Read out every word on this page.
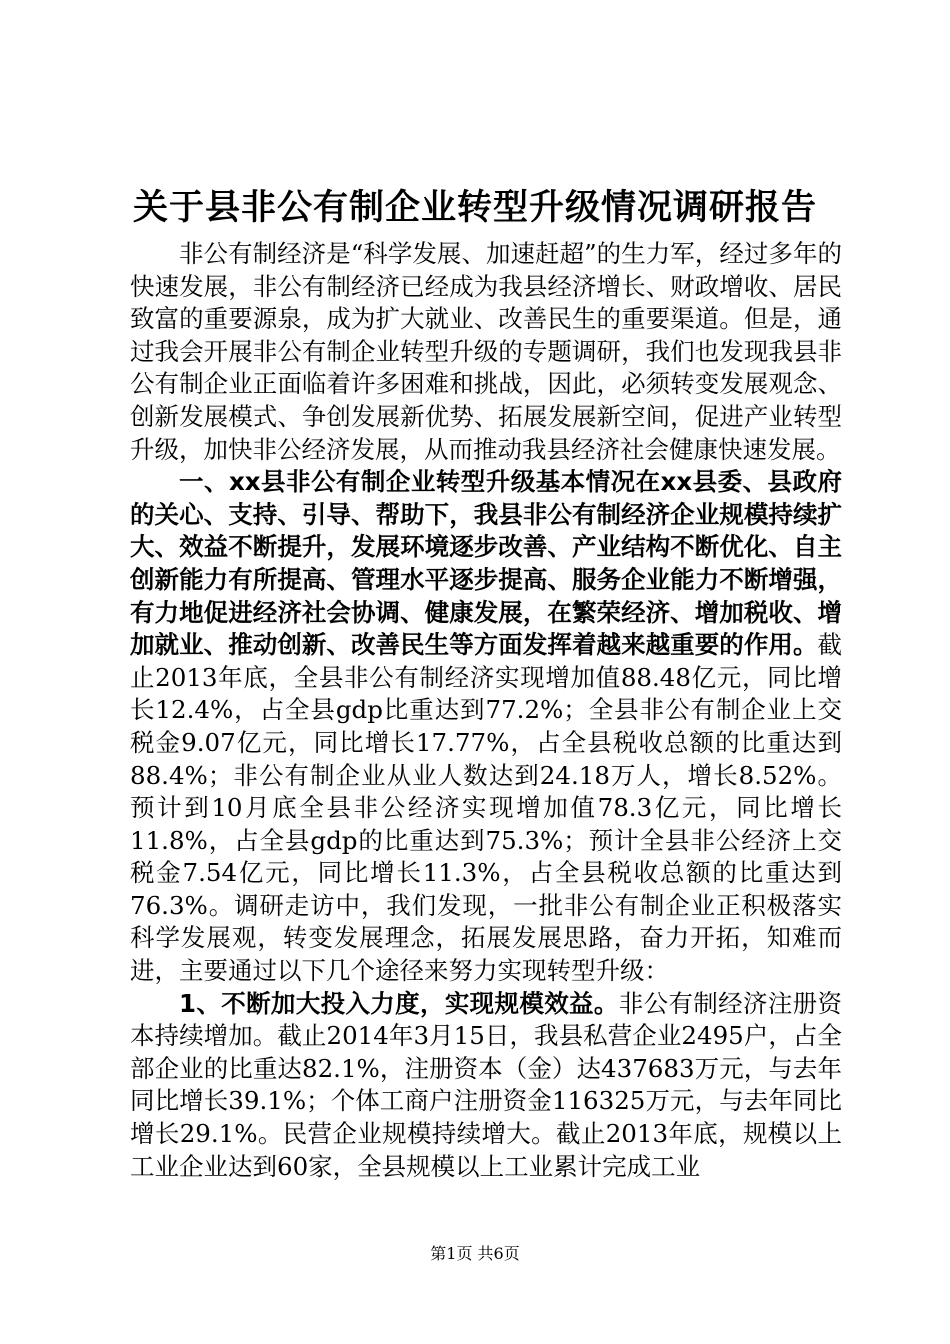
关于县非公有制企业转型升级情况调研报告

非公有制经济是“科学发展、加速赶超”的生力军，经过多年的快速发展，非公有制经济已经成为我县经济增长、财政增收、居民致富的重要源泉，成为扩大就业、改善民生的重要渠道。但是，通过我会开展非公有制企业转型升级的专题调研，我们也发现我县非公有制企业正面临着许多困难和挑战，因此，必须转变发展观念、创新发展模式、争创发展新优势、拓展发展新空间，促进产业转型升级，加快非公经济发展，从而推动我县经济社会健康快速发展。

一、xx县非公有制企业转型升级基本情况在xx县委、县政府的关心、支持、引导、帮助下，我县非公有制经济企业规模持续扩大、效益不断提升，发展环境逐步改善、产业结构不断优化、自主创新能力有所提高、管理水平逐步提高、服务企业能力不断增强，有力地促进经济社会协调、健康发展，在繁荣经济、增加税收、增加就业、推动创新、改善民生等方面发挥着越来越重要的作用。截止2013年底，全县非公有制经济实现增加值88.48亿元，同比增长12.4%，占全县gdp比重达到77.2%；全县非公有制企业上交税金9.07亿元，同比增长17.77%，占全县税收总额的比重达到88.4%；非公有制企业从业人数达到24.18万人，增长8.52%。预计到10月底全县非公经济实现增加值78.3亿元，同比增长11.8%，占全县gdp的比重达到75.3%；预计全县非公经济上交税金7.54亿元，同比增长11.3%，占全县税收总额的比重达到76.3%。调研走访中，我们发现，一批非公有制企业正积极落实科学发展观，转变发展理念，拓展发展思路，奋力开拓，知难而进，主要通过以下几个途径来努力实现转型升级：

1、不断加大投入力度，实现规模效益。非公有制经济注册资本持续增加。截止2014年3月15日，我县私营企业2495户，占全部企业的比重达82.1%，注册资本（金）达437683万元，与去年同比增长39.1%；个体工商户注册资金116325万元，与去年同比增长29.1%。民营企业规模持续增大。截止2013年底，规模以上工业企业达到60家，全县规模以上工业累计完成工业

第1页 共6页
